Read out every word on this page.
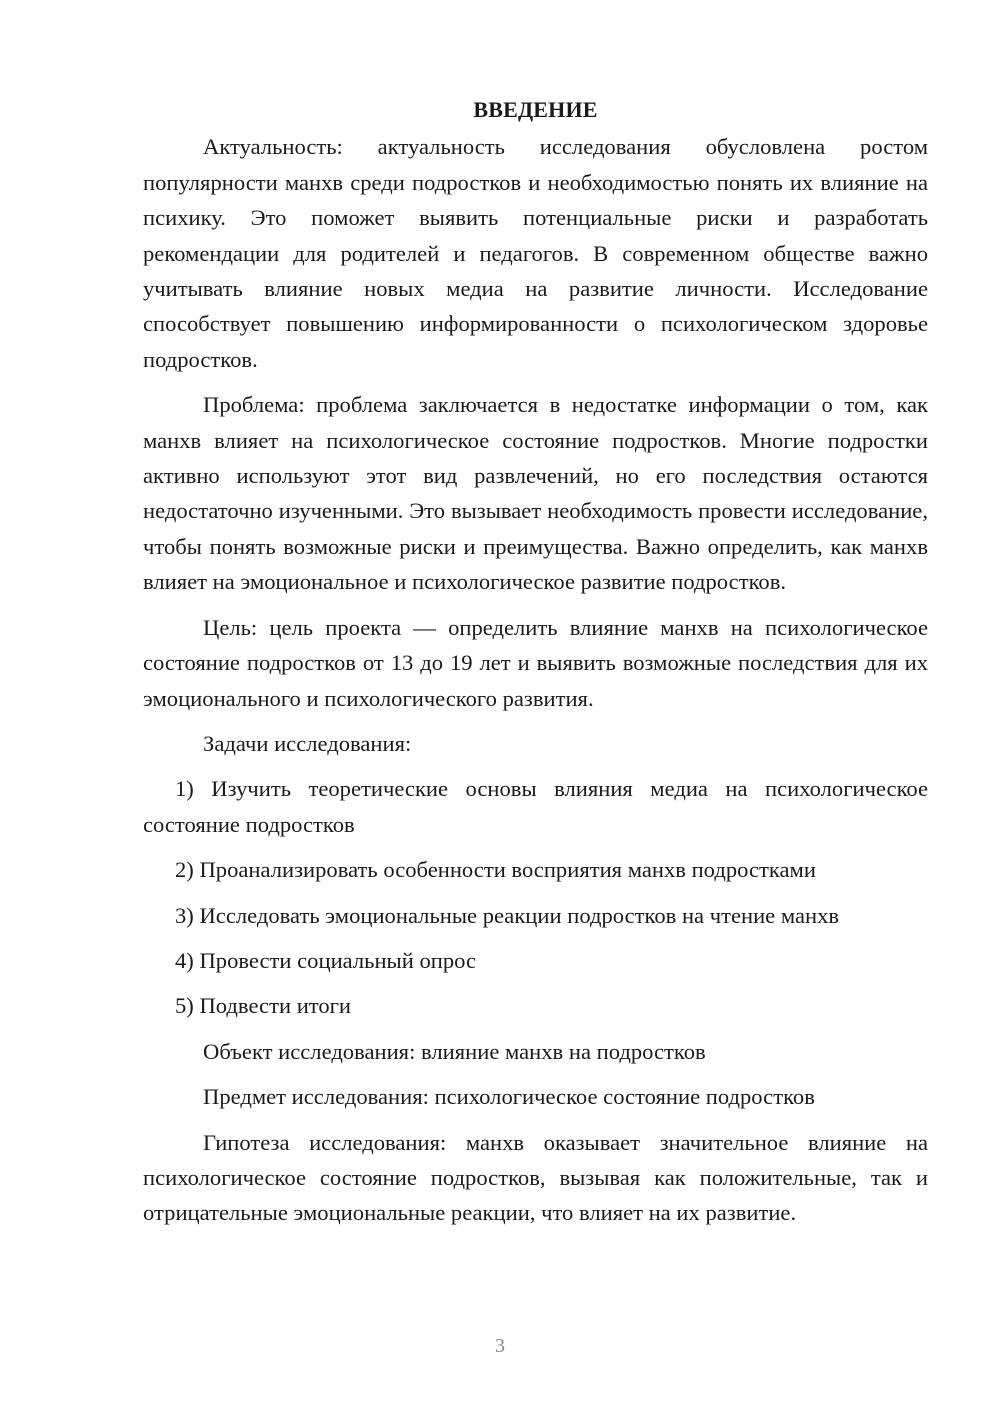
ВВЕДЕНИЕ

Актуальность: актуальность исследования обусловлена ростом популярности манхв среди подростков и необходимостью понять их влияние на психику. Это поможет выявить потенциальные риски и разработать рекомендации для родителей и педагогов. В современном обществе важно учитывать влияние новых медиа на развитие личности. Исследование способствует повышению информированности о психологическом здоровье подростков.

Проблема: проблема заключается в недостатке информации о том, как манхв влияет на психологическое состояние подростков. Многие подростки активно используют этот вид развлечений, но его последствия остаются недостаточно изученными. Это вызывает необходимость провести исследование, чтобы понять возможные риски и преимущества. Важно определить, как манхв влияет на эмоциональное и психологическое развитие подростков.

Цель: цель проекта — определить влияние манхв на психологическое состояние подростков от 13 до 19 лет и выявить возможные последствия для их эмоционального и психологического развития.

Задачи исследования:

1) Изучить теоретические основы влияния медиа на психологическое состояние подростков

2) Проанализировать особенности восприятия манхв подростками

3) Исследовать эмоциональные реакции подростков на чтение манхв

4) Провести социальный опрос

5) Подвести итоги

Объект исследования: влияние манхв на подростков

Предмет исследования: психологическое состояние подростков

Гипотеза исследования: манхв оказывает значительное влияние на психологическое состояние подростков, вызывая как положительные, так и отрицательные эмоциональные реакции, что влияет на их развитие.

3
